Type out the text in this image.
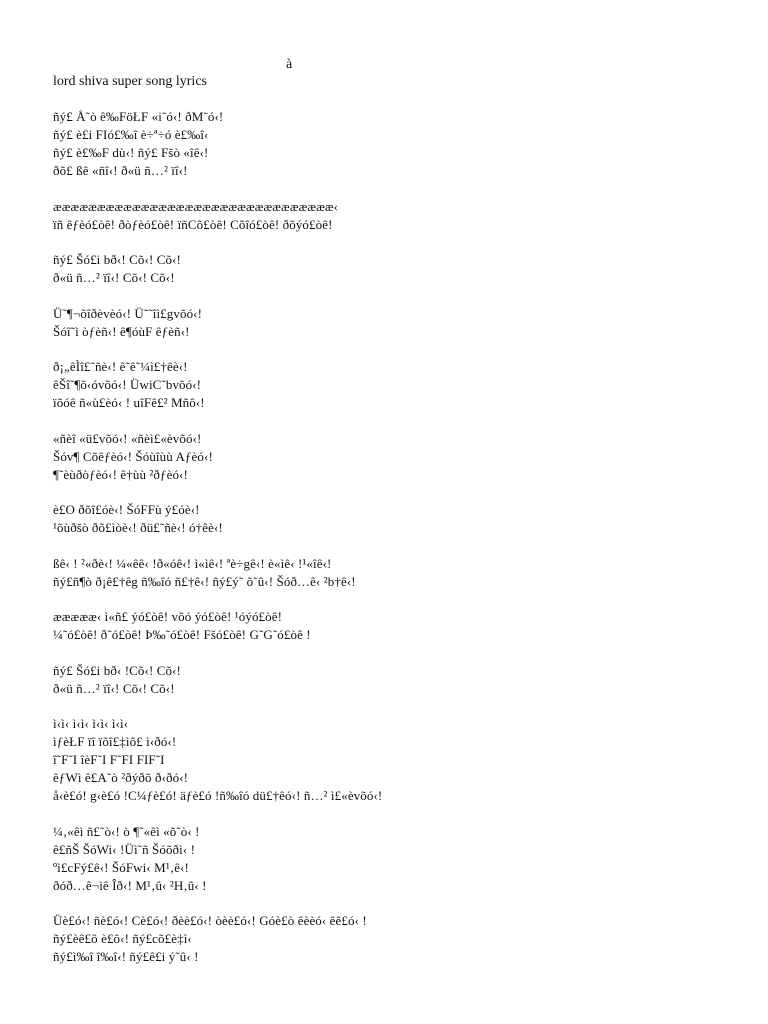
à
lord shiva super song lyrics
ñý£ Å˜ò ê‰FöŁF «i˜ó‹! ðM˜ó‹!
ñý£ è£i FIó£‰î è÷ª÷ó è£‰î‹
ñý£ è£‰F dù‹! ñý£ Fšò «îê‹!
ðõ£ ßê «ñî‹! ð«ü ñ…² ïî‹!
ææææææææææææææææææææææææææææææææ‹
ïñ êƒèó£òê! ðòƒèó£òê! ïñCõ£òê! Cõîó£òê! ðõýó£òê!
ñý£ Šó£i bð‹! Cõ‹! Cõ‹!
ð«ü ñ…² ïî‹! Cõ‹! Cõ‹!
Ü˜¶¬õîðèvèó‹! Ü˜˜îì£gvõó‹!
Šóî˜ì òƒèñ‹! ê¶óùF êƒèñ‹!
ð¡„êÌî£˜ñè‹! ê˜ê˜¼ì£†êè‹!
êŠî˜¶õ‹óvõó‹! ÜwiC˜bvõó‹!
ïõóê ñ«ù£èó‹ ! uîFê£² Mñô‹!
«ñèî «ü£võó‹! «ñèì£«èvõó‹!
Šóv¶ Cõêƒèó‹! Šóùîùù Aƒèó‹!
¶˜èùðòƒèó‹! ê†ùù ²ðƒèó‹!
è£O ðõî£óè‹! ŠóFFù ý£óè‹!
¹õùðšò ðõ£ìòè‹! ðü£˜ñè‹! ó†êè‹!
ßê‹ ! ²«ðè‹! ¼«êê‹ !ð«óê‹! ì«ìê‹! ªè÷gê‹! è«ìê‹ !¹«îê‹!
ñý£ñ¶ò ð¡ê£†êg ñ‰îó ñ£†ê‹! ñý£ý˜ õ˜û‹! Šóð…ê‹ ²b†ê‹!
æææææ‹ ì«ñ£ ýó£òê! võó ýó£òê! ¹óýó£òê!
¼˜ó£òê! ð˜ó£òê! Þ‰˜ó£òê! Fšó£òê! G˜G˜ó£òê !
ñý£ Šó£i bð‹ !Cõ‹! Cõ‹!
ð«ü ñ…² ïî‹! Cõ‹! Cõ‹!
ì‹ì‹ ì‹ì‹ ì‹ì‹ ì‹ì‹
ìƒèŁF ïî ïõî£‡ìõ£ ì‹ðó‹!
î˜F˜I îèF˜I F˜FI FIF˜I
êƒWì ê£A˜ò ²ðýðõ ð‹ðó‹!
å‹è£ó! g‹è£ó !C¼ƒè£ó! äƒè£ó !ñ‰îó dü£†êó‹! ñ…² ì£«èvõó‹!
¼‚«êì ñ£˜ò‹! ò ¶˜«êì «õ˜ò‹ !
ê£ñŠ ŠóWi‹ !Üì˜ñ Šóõðì‹ !
ºì£cFý£ê‹! ŠóFwi‹ M¹‚ê‹!
ðóð…ê¬ìê Îð‹! M¹‚û‹ ²H‚û‹ !
Üè£ó‹! ñè£ó‹! Cè£ó‹! ðèè£ó‹! òèè£ó‹! Góè£ò êèèó‹ êê£ó‹ !
ñý£èê£ô è£ô‹! ñý£cõ£è‡ì‹
ñý£ì‰î î‰î‹! ñý£ê£i ý˜û‹ !
